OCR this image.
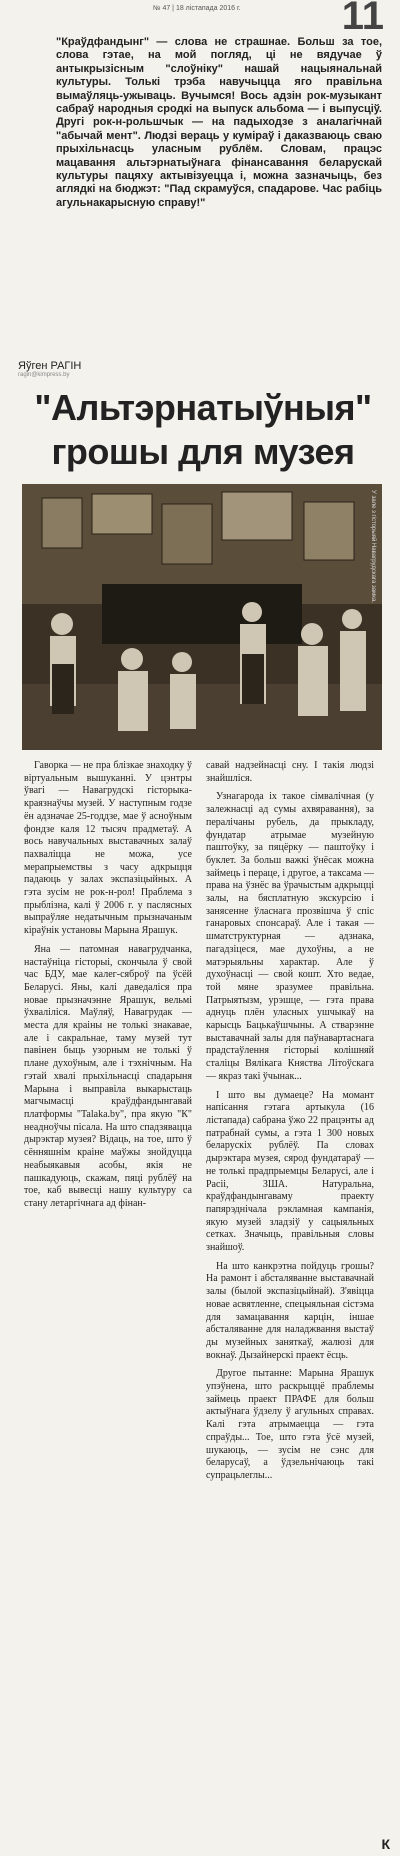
№ 47 | 18 лістапада 2016 г.	11
"Краўдфандынг" — слова не страшнае. Больш за тое, слова гэтае, на мой погляд, ці не вядучае ў антыкрызісным "слоўніку" нашай нацыянальнай культуры. Толькі трэба навучыцца яго правільна вымаўляць-ужываць. Вучымся! Вось адзін рок-музыкант сабраў народныя сродкі на выпуск альбома — і выпусціў. Другі рок-н-рольшчык — на падыходзе з аналагічнай "абычай мент". Людзі вераць у куміраў і даказваюць сваю прыхільнасць уласным рублём. Словам, працэс мацавання альтэрнатыўнага фінансавання беларускай культуры пацяху актывізуецца і, можна зазначыць, без аглядкі на бюджэт: "Пад скрамуўся, спадарове. Час рабіць агульнакарысную справу!"
Яўген РАГІН
ragin@kimpress.by
"Альтэрнатыўныя"
грошы для музея
У зале з гісторыяй Навагрудскага замка.

Гаворка — не пра блізкае знаходку ў віртуальным вышуканні. У цэнтры ўвагі — Навагрудскі гісторыка-краязнаўчы музей. У наступным годзе ён адзначае 25-годдзе, мае ў асноўным фондзе каля 12 тысяч прадметаў. А вось навучальных выставачных залаў пахваліцца не можа, усе мерапрыемствы з часу адкрыцця падаюць у залах экспазіцыйных. А гэта зусім не рок-н-рол! Праблема з прыблізна, калі ў 2006 г. у паслясных выпраўляе недатычным прызначаным кіраўнік установы Марына Ярашук.

Яна — патомная навагрудчанка, настаўніца гісторыі, скончыла ў свой час БДУ, мае калег-сяброў па ўсёй Беларусі. Яны, калі даведаліся пра новае прызначэнне Ярашук, вельмі ўхваліліся. Маўляў, Навагрудак — места для краіны не толькі знакавае, але і сакральнае, таму музей тут павінен быць узорным не толькі ў плане духоўным, але і тэхнічным. На гэтай хвалі прыхільнасці спадарыня Марына і выправіла выкарыстаць магчымасці краўдфандынгавай платформы "Talaka.by", пра якую "К" неадноўчы пісала. На што спадзявацца дырэктар музея? Відаць, на тое, што ў сённяшнім краіне маўжы знойдуцца неабыякавыя асобы, якія не пашкадуюць, скажам, пяці рублёў на тое, каб вывесці нашу культуру са стану летаргічнага ад фінан-

савай надзейнасці сну. І такія людзі знайшліся.

Узнагарода іх такое сімвалічная (у залежнасці ад сумы ахвяравання), за пералічаны рубель, да прыкладу, фундатар атрымае музейную паштоўку, за пяцёрку — паштоўку і буклет. За больш важкі ўнёсак можна займець і пераце, і другое, а таксама — права на ўзнёс ва ўрачыстым адкрыцці залы, на бясплатную экскурсію і занясенне ўласнага прозвішча ў спіс ганаровых спонсараў. Але і такая — шматструктурная — адзнака, пагадзіцеся, мае духоўны, а не матэрыяльны характар. Але ў духоўнасці — свой кошт. Хто ведае, той мяне зразумее правільна. Патрыятызм, урэшце, — гэта права аднуць плён уласных ушчыкаў на карысць Бацькаўшчыны. А стварэнне выставачнай залы для паўнавартаснага прадстаўлення гісторыі колішняй сталіцы Вялікага Княства Літоўскага — якраз такі ўчынак...

І што вы думаеце? На момант напісання гэтага артыкула (16 лістапада) сабрана ўжо 22 працэнты ад патрабнай сумы, а гэта 1 300 новых беларускіх рублёў. Па словах дырэктара музея, сярод фундатараў — не толькі прадпрыемцы Беларусі, але і Расіі, ЗША. Натуральна, краўдфандынгаваму праекту папярэднічала рэкламная кампанія, якую музей зладзіў у сацыяльных сетках. Значыць, правільныя словы знайшоў.

На што канкрэтна пойдуць грошы? На рамонт і абсталяванне выставачнай залы (былой экспазіцыйнай). З'явіцца новае асвятленне, спецыяльная сістэма для замацавання карцін, іншае абсталяванне для наладжвання выстаў ды музейных заняткаў, жалюзі для вокнаў. Дызайнерскі праект ёсць.

Другое пытанне: Марына Ярашук упэўнена, што раскрыццё праблемы займець праект ПРАФЕ для больш актыўнага ўдзелу ў агульных справах. Калі гэта атрымаецца — гэта спраўды... Тое, што гэта ўсё музей, шукаюць, — зусім не сэнс для беларусаў, а ўдзельнічаюць такі супрацьлеглы...

К
